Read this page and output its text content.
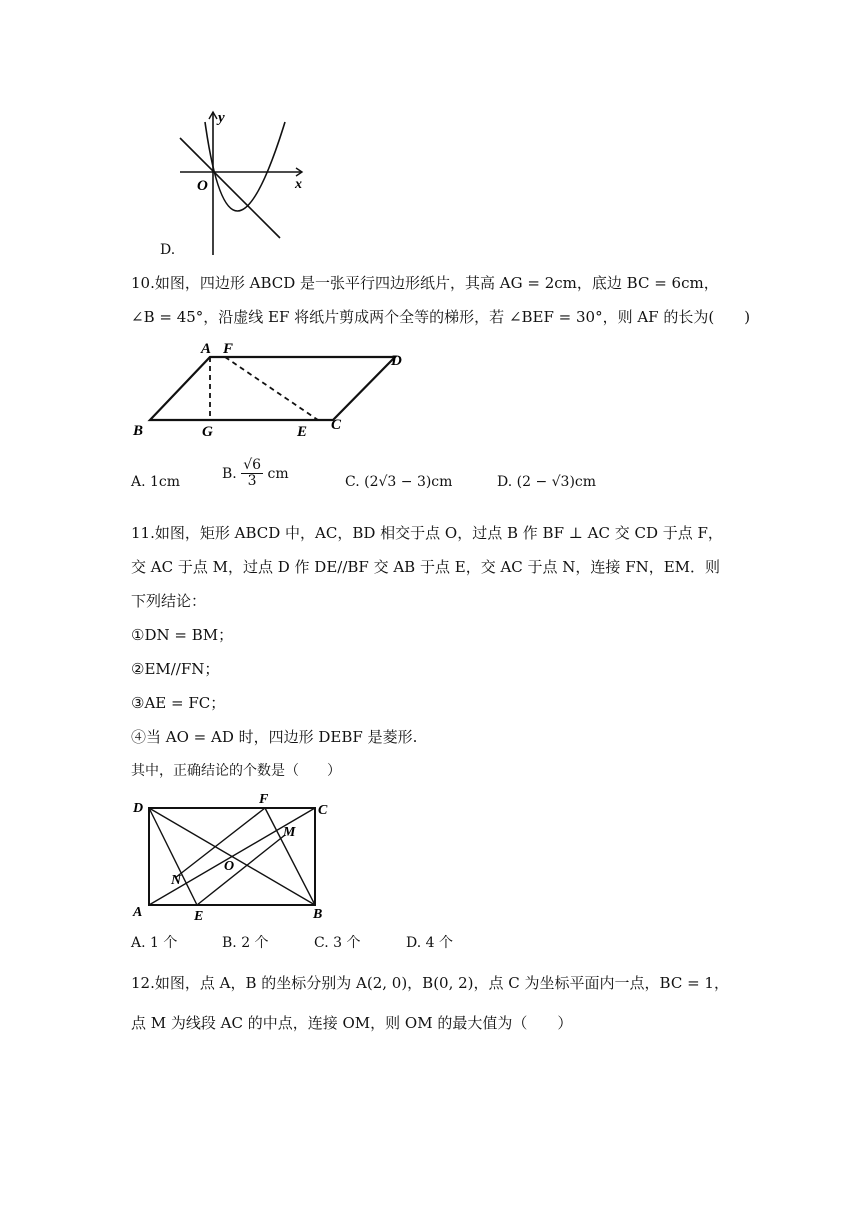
y
x
O
D.
10.如图，四边形 ABCD 是一张平行四边形纸片，其高 AG = 2cm，底边 BC = 6cm，
∠B = 45°，沿虚线 EF 将纸片剪成两个全等的梯形，若 ∠BEF = 30°，则 AF 的长为(　　)
A F
D
B	G	E C
A. 1cm
B. $\frac{√6}{3}$ cm
C. (2√3 − 3)cm	D. (2 − √3)cm
11.如图，矩形 ABCD 中，AC，BD 相交于点 O，过点 B 作 BF ⊥ AC 交 CD 于点 F，
交 AC 于点 M，过点 D 作 DE//BF 交 AB 于点 E，交 AC 于点 N，连接 FN，EM．则
下列结论：
①DN = BM；
②EM//FN；
③AE = FC；
④当 AO = AD 时，四边形 DEBF 是菱形.
其中，正确结论的个数是（　　）
D
F
C
M
O
N
A	E	B
A. 1 个	B. 2 个	C. 3 个	D. 4 个
12.如图，点 A，B 的坐标分别为 A(2, 0)，B(0, 2)，点 C 为坐标平面内一点，BC = 1，
点 M 为线段 AC 的中点，连接 OM，则 OM 的最大值为（　　）
